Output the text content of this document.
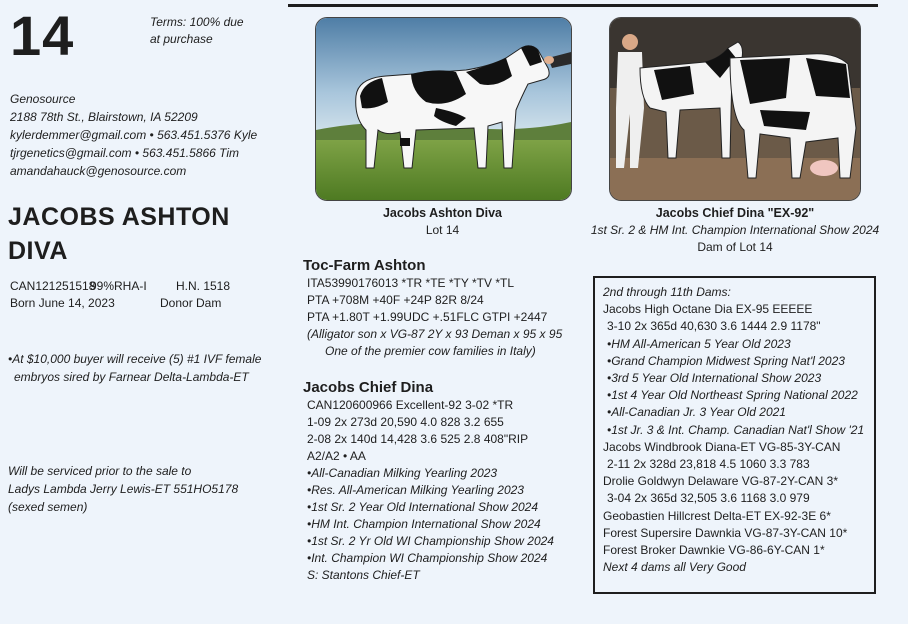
14	Terms: 100% due
at purchase
Genosource
2188 78th St., Blairstown, IA 52209
kylerdemmer@gmail.com • 563.451.5376 Kyle
tjrgenetics@gmail.com • 563.451.5866 Tim
amandahauck@genosource.com
JACOBS ASHTON
DIVA
CAN121251518
99%RHA-I	H.N. 1518
Born June 14, 2023	Donor Dam
•At $10,000 buyer will receive (5) #1 IVF female
embryos sired by Farnear Delta-Lambda-ET
Will be serviced prior to the sale to
Ladys Lambda Jerry Lewis-ET 551HO5178
(sexed semen)
Jacobs Ashton Diva
Lot 14
Jacobs Chief Dina "EX-92"
1st Sr. 2 & HM Int. Champion International Show 2024
Dam of Lot 14
Toc-Farm Ashton
ITA53990176013 *TR *TE *TY *TV *TL
PTA +708M +40F +24P 82R 8/24
PTA +1.80T +1.99UDC +.51FLC GTPI +2447
(Alligator son x VG-87 2Y x 93 Deman x 95 x 95
One of the premier cow families in Italy)
Jacobs Chief Dina
CAN120600966 Excellent-92 3-02 *TR
1-09 2x 273d 20,590 4.0 828 3.2 655
2-08 2x 140d 14,428 3.6 525 2.8 408"RIP
A2/A2 • AA
•All-Canadian Milking Yearling 2023
•Res. All-American Milking Yearling 2023
•1st Sr. 2 Year Old International Show 2024
•HM Int. Champion International Show 2024
•1st Sr. 2 Yr Old WI Championship Show 2024
•Int. Champion WI Championship Show 2024
S: Stantons Chief-ET
2nd through 11th Dams:
Jacobs High Octane Dia EX-95 EEEEE
3-10 2x 365d 40,630 3.6 1444 2.9 1178"
•HM All-American 5 Year Old 2023
•Grand Champion Midwest Spring Nat'l 2023
•3rd 5 Year Old International Show 2023
•1st 4 Year Old Northeast Spring National 2022
•All-Canadian Jr. 3 Year Old 2021
•1st Jr. 3 & Int. Champ. Canadian Nat'l Show '21
Jacobs Windbrook Diana-ET VG-85-3Y-CAN
2-11 2x 328d 23,818 4.5 1060 3.3 783
Drolie Goldwyn Delaware VG-87-2Y-CAN 3*
3-04 2x 365d 32,505 3.6 1168 3.0 979
Geobastien Hillcrest Delta-ET EX-92-3E 6*
Forest Supersire Dawnkia VG-87-3Y-CAN 10*
Forest Broker Dawnkie VG-86-6Y-CAN 1*
Next 4 dams all Very Good
